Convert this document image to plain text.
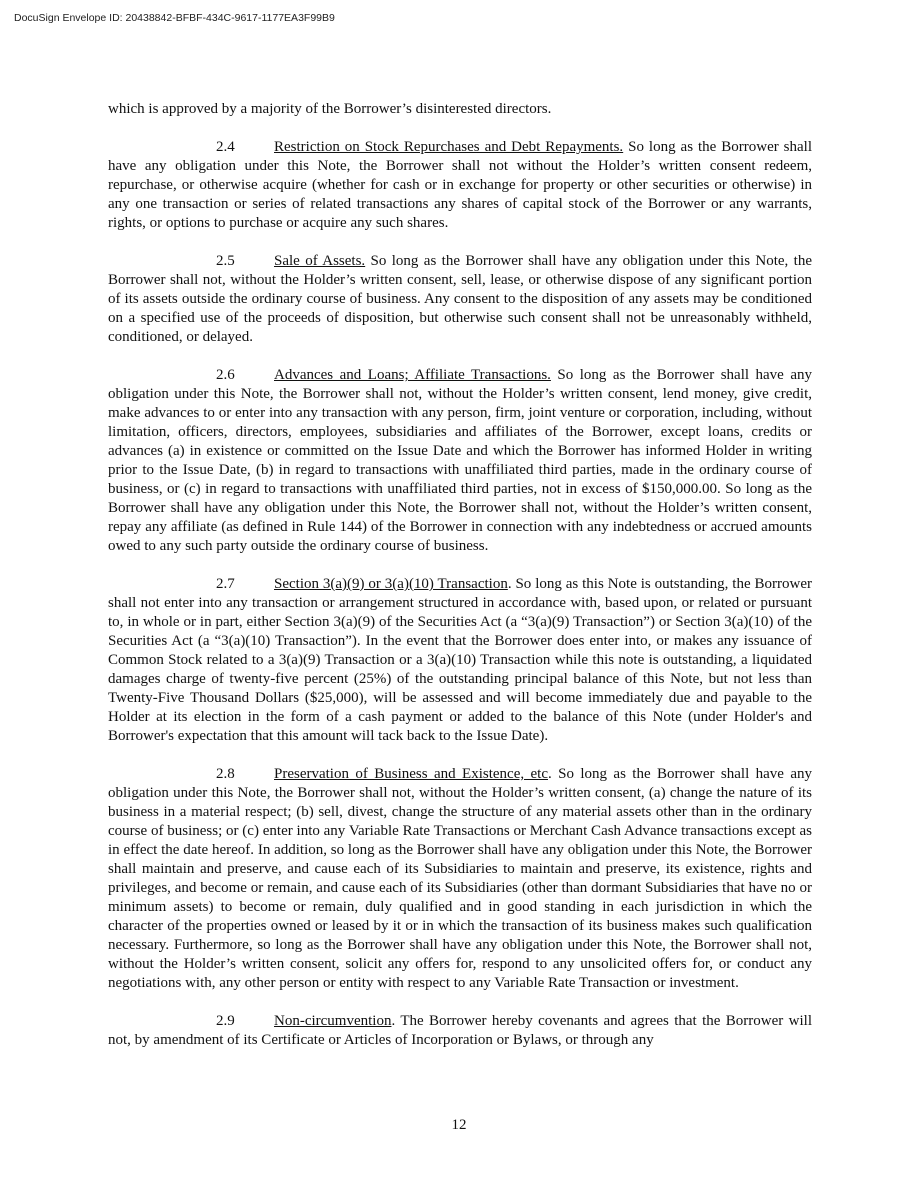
DocuSign Envelope ID: 20438842-BFBF-434C-9617-1177EA3F99B9

which is approved by a majority of the Borrower’s disinterested directors.

2.4	Restriction on Stock Repurchases and Debt Repayments. So long as the Borrower shall have any obligation under this Note, the Borrower shall not without the Holder’s written consent redeem, repurchase, or otherwise acquire (whether for cash or in exchange for property or other securities or otherwise) in any one transaction or series of related transactions any shares of capital stock of the Borrower or any warrants, rights, or options to purchase or acquire any such shares.

2.5	Sale of Assets. So long as the Borrower shall have any obligation under this Note, the Borrower shall not, without the Holder’s written consent, sell, lease, or otherwise dispose of any significant portion of its assets outside the ordinary course of business. Any consent to the disposition of any assets may be conditioned on a specified use of the proceeds of disposition, but otherwise such consent shall not be unreasonably withheld, conditioned, or delayed.

2.6	Advances and Loans; Affiliate Transactions. So long as the Borrower shall have any obligation under this Note, the Borrower shall not, without the Holder’s written consent, lend money, give credit, make advances to or enter into any transaction with any person, firm, joint venture or corporation, including, without limitation, officers, directors, employees, subsidiaries and affiliates of the Borrower, except loans, credits or advances (a) in existence or committed on the Issue Date and which the Borrower has informed Holder in writing prior to the Issue Date, (b) in regard to transactions with unaffiliated third parties, made in the ordinary course of business, or (c) in regard to transactions with unaffiliated third parties, not in excess of $150,000.00. So long as the Borrower shall have any obligation under this Note, the Borrower shall not, without the Holder’s written consent, repay any affiliate (as defined in Rule 144) of the Borrower in connection with any indebtedness or accrued amounts owed to any such party outside the ordinary course of business.

2.7	Section 3(a)(9) or 3(a)(10) Transaction. So long as this Note is outstanding, the Borrower shall not enter into any transaction or arrangement structured in accordance with, based upon, or related or pursuant to, in whole or in part, either Section 3(a)(9) of the Securities Act (a “3(a)(9) Transaction”) or Section 3(a)(10) of the Securities Act (a “3(a)(10) Transaction”). In the event that the Borrower does enter into, or makes any issuance of Common Stock related to a 3(a)(9) Transaction or a 3(a)(10) Transaction while this note is outstanding, a liquidated damages charge of twenty-five percent (25%) of the outstanding principal balance of this Note, but not less than Twenty-Five Thousand Dollars ($25,000), will be assessed and will become immediately due and payable to the Holder at its election in the form of a cash payment or added to the balance of this Note (under Holder's and Borrower's expectation that this amount will tack back to the Issue Date).

2.8	Preservation of Business and Existence, etc. So long as the Borrower shall have any obligation under this Note, the Borrower shall not, without the Holder’s written consent, (a) change the nature of its business in a material respect; (b) sell, divest, change the structure of any material assets other than in the ordinary course of business; or (c) enter into any Variable Rate Transactions or Merchant Cash Advance transactions except as in effect the date hereof. In addition, so long as the Borrower shall have any obligation under this Note, the Borrower shall maintain and preserve, and cause each of its Subsidiaries to maintain and preserve, its existence, rights and privileges, and become or remain, and cause each of its Subsidiaries (other than dormant Subsidiaries that have no or minimum assets) to become or remain, duly qualified and in good standing in each jurisdiction in which the character of the properties owned or leased by it or in which the transaction of its business makes such qualification necessary. Furthermore, so long as the Borrower shall have any obligation under this Note, the Borrower shall not, without the Holder’s written consent, solicit any offers for, respond to any unsolicited offers for, or conduct any negotiations with, any other person or entity with respect to any Variable Rate Transaction or investment.

2.9	Non-circumvention. The Borrower hereby covenants and agrees that the Borrower will not, by amendment of its Certificate or Articles of Incorporation or Bylaws, or through any

12
